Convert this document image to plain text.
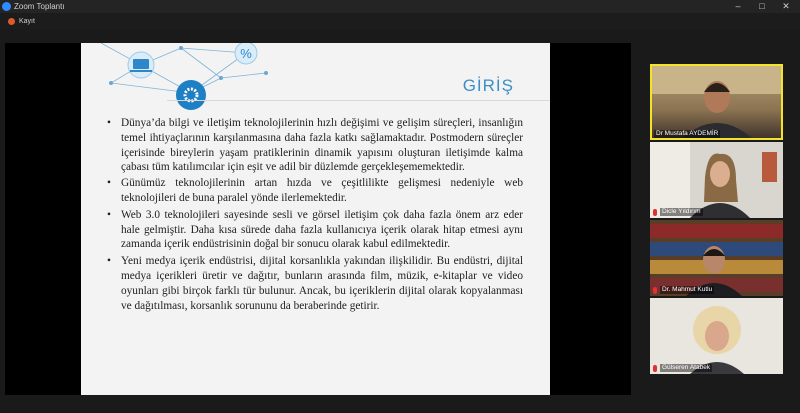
Zoom Toplantı	–	□	✕
Kayıt
%
GİRİŞ
• Dünya’da bilgi ve iletişim teknolojilerinin hızlı değişimi ve gelişim süreçleri, insanlığın temel ihtiyaçlarının karşılanmasına daha fazla katkı sağlamaktadır. Postmodern süreçler içerisinde bireylerin yaşam pratiklerinin dinamik yapısını oluşturan iletişimde kalma çabası tüm katılımcılar için eşit ve adil bir düzlemde gerçekleşememektedir.
• Günümüz teknolojilerinin artan hızda ve çeşitlilikte gelişmesi nedeniyle web teknolojileri de buna paralel yönde ilerlemektedir.
• Web 3.0 teknolojileri sayesinde sesli ve görsel iletişim çok daha fazla önem arz eder hale gelmiştir. Daha kısa sürede daha fazla kullanıcıya içerik olarak hitap etmesi aynı zamanda içerik endüstrisinin doğal bir sonucu olarak kabul edilmektedir.
• Yeni medya içerik endüstrisi, dijital korsanlıkla yakından ilişkilidir. Bu endüstri, dijital medya içerikleri üretir ve dağıtır, bunların arasında film, müzik, e-kitaplar ve video oyunları gibi birçok farklı tür bulunur. Ancak, bu içeriklerin dijital olarak kopyalanması ve dağıtılması, korsanlık sorununu da beraberinde getirir.
Dr Mustafa AYDEMİR
Dicle Yıldırım
Dr. Mahmut Kutlu
Gülseren Atabek
